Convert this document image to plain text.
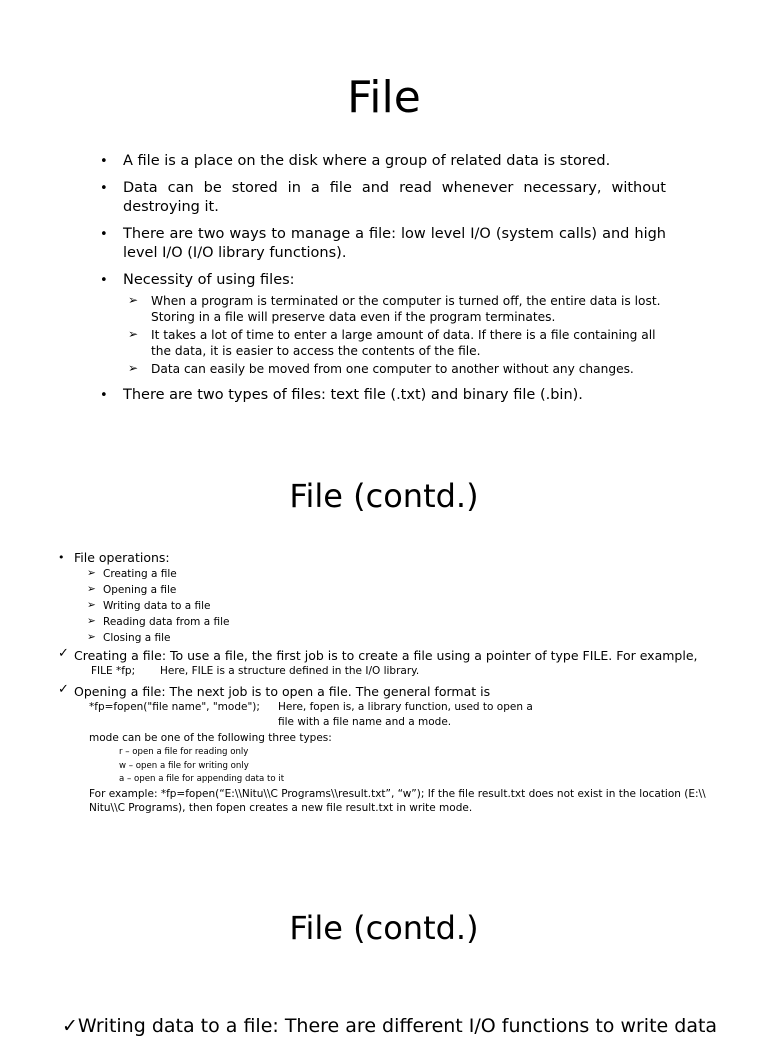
File
• A file is a place on the disk where a group of related data is stored.
• Data can be stored in a file and read whenever necessary, without destroying it.
• There are two ways to manage a file: low level I/O (system calls) and high level I/O (I/O library functions).
• Necessity of using files:
➢ When a program is terminated or the computer is turned off, the entire data is lost. Storing in a file will preserve data even if the program terminates.
➢ It takes a lot of time to enter a large amount of data. If there is a file containing all the data, it is easier to access the contents of the file.
➢ Data can easily be moved from one computer to another without any changes.
• There are two types of files: text file (.txt) and binary file (.bin).
File (contd.)
• File operations:
➢ Creating a file
➢ Opening a file
➢ Writing data to a file
➢ Reading data from a file
➢ Closing a file
✓ Creating a file: To use a file, the first job is to create a file using a pointer of type FILE. For example,
FILE *fp; Here, FILE is a structure defined in the I/O library.
✓ Opening a file: The next job is to open a file. The general format is
*fp=fopen("file name", "mode"); Here, fopen is, a library function, used to open a
file with a file name and a mode.
mode can be one of the following three types:
r – open a file for reading only
w – open a file for writing only
a – open a file for appending data to it
For example: *fp=fopen(“E:\\Nitu\\C Programs\\result.txt”, “w”); If the file result.txt does not exist in the location (E:\\
Nitu\\C Programs), then fopen creates a new file result.txt in write mode.
File (contd.)
✓Writing data to a file: There are different I/O functions to write data
